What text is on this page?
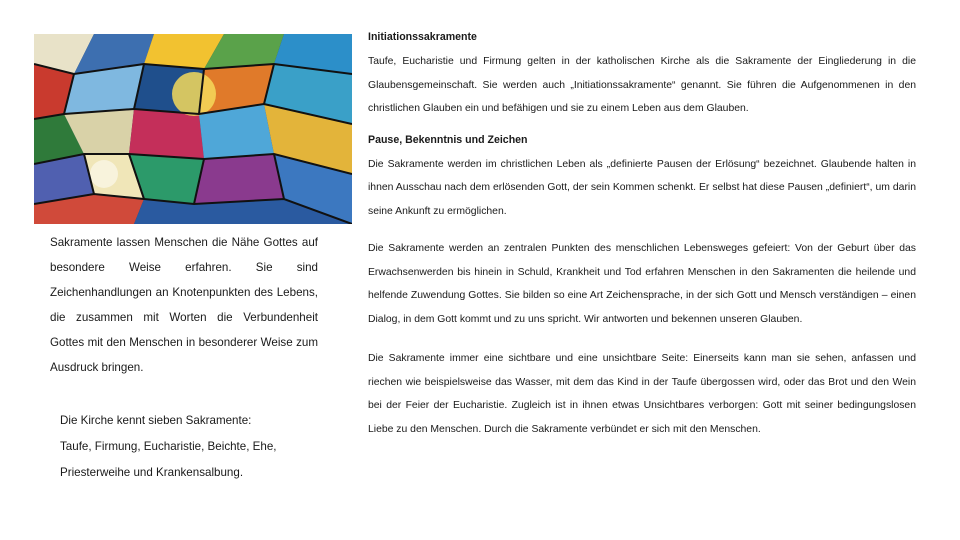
Sakramente lassen Menschen die Nähe Gottes auf besondere Weise erfahren. Sie sind Zeichenhandlungen an Knotenpunkten des Lebens, die zusammen mit Worten die Verbundenheit Gottes mit den Menschen in besonderer Weise zum Ausdruck bringen.

Die Kirche kennt sieben Sakramente:

Taufe, Firmung, Eucharistie, Beichte, Ehe,

Priesterweihe und Krankensalbung.

Initiationssakramente

Taufe, Eucharistie und Firmung gelten in der katholischen Kirche als die Sakramente der Eingliederung in die Glaubensgemeinschaft. Sie werden auch „Initiationssakramente“ genannt. Sie führen die Aufgenommenen in den christlichen Glauben ein und befähigen und sie zu einem Leben aus dem Glauben.

Pause, Bekenntnis und Zeichen

Die Sakramente werden im christlichen Leben als „definierte Pausen der Erlösung“ bezeichnet. Glaubende halten in ihnen Ausschau nach dem erlösenden Gott, der sein Kommen schenkt. Er selbst hat diese Pausen „definiert“, um darin seine Ankunft zu ermöglichen.

Die Sakramente werden an zentralen Punkten des menschlichen Lebensweges gefeiert: Von der Geburt über das Erwachsenwerden bis hinein in Schuld, Krankheit und Tod erfahren Menschen in den Sakramenten die heilende und helfende Zuwendung Gottes. Sie bilden so eine Art Zeichensprache, in der sich Gott und Mensch verständigen – einen Dialog, in dem Gott kommt und zu uns spricht. Wir antworten und bekennen unseren Glauben.

Die Sakramente immer eine sichtbare und eine unsichtbare Seite: Einerseits kann man sie sehen, anfassen und riechen wie beispielsweise das Wasser, mit dem das Kind in der Taufe übergossen wird, oder das Brot und den Wein bei der Feier der Eucharistie. Zugleich ist in ihnen etwas Unsichtbares verborgen: Gott mit seiner bedingungslosen Liebe zu den Menschen. Durch die Sakramente verbündet er sich mit den Menschen.
